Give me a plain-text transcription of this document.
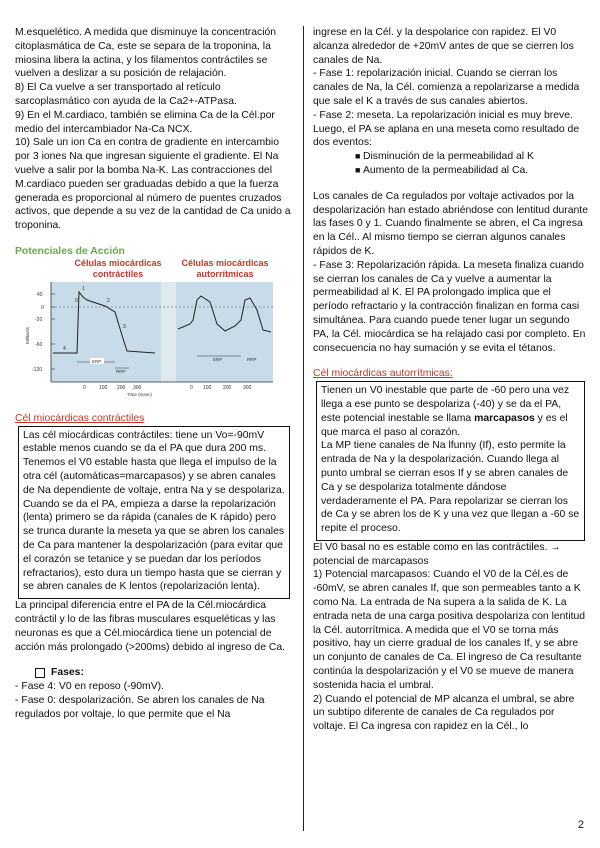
M.esquelético. A medida que disminuye la concentración citoplasmática de Ca, este se separa de la troponina, la miosina libera la actina, y los filamentos contráctiles se vuelven a deslizar a su posición de relajación.

8) El Ca vuelve a ser transportado al retículo sarcoplasmático con ayuda de la Ca2+-ATPasa.

9) En el M.cardiaco, también se elimina Ca de la Cél.por medio del intercambiador Na-Ca NCX.

10) Sale un ion Ca en contra de gradiente en intercambio por 3 iones Na que ingresan siguiente el gradiente. El Na vuelve a salir por la bomba Na-K. Las contracciones del M.cardiaco pueden ser graduadas debido a que la fuerza generada es proporcional al número de puentes cruzados activos, que depende a su vez de la cantidad de Ca unido a troponina.

Potenciales de Acción

40
0
-20
-60
-120
Millivolts
ERP
RRP
ERP	RRP
0	100 200 300	0 100 200 300
Time (msec)
0
1
2
3
4
Células miocárdicas contráctiles
Células miocárdicas autorrítmicas

Cél miocárdicas contráctiles

Las cél miocárdicas contráctiles: tiene un Vo=-90mV estable menos cuando se da el PA que dura 200 ms.

Tenemos el V0 estable hasta que llega el impulso de la otra cél (automáticas=marcapasos) y se abren canales de Na dependiente de voltaje, entra Na y se despolariza. Cuando se da el PA, empieza a darse la repolarización (lenta) primero se da rápida (canales de K rápido) pero se trunca durante la meseta ya que se abren los canales de Ca para mantener la despolarización (para evitar que el corazón se tetanice y se puedan dar los períodos refractarios), esto dura un tiempo hasta que se cierran y se abren canales de K lentos (repolarización lenta).

La principal diferencia entre el PA de la Cél.miocárdica contráctil y lo de las fibras musculares esqueléticas y las neuronas es que a Cél.miocárdica tiene un potencial de acción más prolongado (>200ms) debido al ingreso de Ca.

Fases:

- Fase 4: V0 en reposo (-90mV).

- Fase 0: despolarización. Se abren los canales de Na regulados por voltaje, lo que permite que el Na

ingrese en la Cél. y la despolarice con rapidez. El V0 alcanza alrededor de +20mV antes de que se cierren los canales de Na.

- Fase 1: repolarización inicial. Cuando se cierran los canales de Na, la Cél. comienza a repolarizarse a medida que sale el K a través de sus canales abiertos.

- Fase 2: meseta. La repolarización inicial es muy breve. Luego, el PA se aplana en una meseta como resultado de dos eventos:

■ Disminución de la permeabilidad al K

■ Aumento de la permeabilidad al Ca.

Los canales de Ca regulados por voltaje activados por la despolarización han estado abriéndose con lentitud durante las fases 0 y 1. Cuando finalmente se abren, el Ca ingresa en la Cél.. Al mismo tiempo se cierran algunos canales rápidos de K.

- Fase 3: Repolarización rápida. La meseta finaliza cuando se cierran los canales de Ca y vuelve a aumentar la permeabilidad al K. El PA prolongado implica que el período refractario y la contracción finalizan en forma casi simultánea. Para cuando puede tener lugar un segundo PA, la Cél. miocárdica se ha relajado casi por completo. En consecuencia no hay sumación y se evita el tétanos.

Cél miocárdicas autorrítmicas:

Tienen un V0 inestable que parte de -60 pero una vez llega a ese punto se despolariza (-40) y se da el PA, este potencial inestable se llama marcapasos y es el que marca el paso al corazón.

La MP tiene canales de Na lfunny (If), esto permite la entrada de Na y la despolarización. Cuando llega al punto umbral se cierran esos If y se abren canales de Ca y se despolariza totalmente dándose verdaderamente el PA. Para repolarizar se cierran los de Ca y se abren los de K y una vez que llegan a -60 se repite el proceso.

El V0 basal no es estable como en las contráctiles. → potencial de marcapasos

1) Potencial marcapasos: Cuando el V0 de la Cél.es de -60mV, se abren canales If, que son permeables tanto a K como Na. La entrada de Na supera a la salida de K. La entrada neta de una carga positiva despolariza con lentitud la Cél. autorrítmica. A medida que el V0 se torna más positivo, hay un cierre gradual de los canales If, y se abre un conjunto de canales de Ca. El ingreso de Ca resultante continúa la despolarización y el V0 se mueve de manera sostenida hacia el umbral.

2) Cuando el potencial de MP alcanza el umbral, se abre un subtipo diferente de canales de Ca regulados por voltaje. El Ca ingresa con rapidez en la Cél., lo

2
